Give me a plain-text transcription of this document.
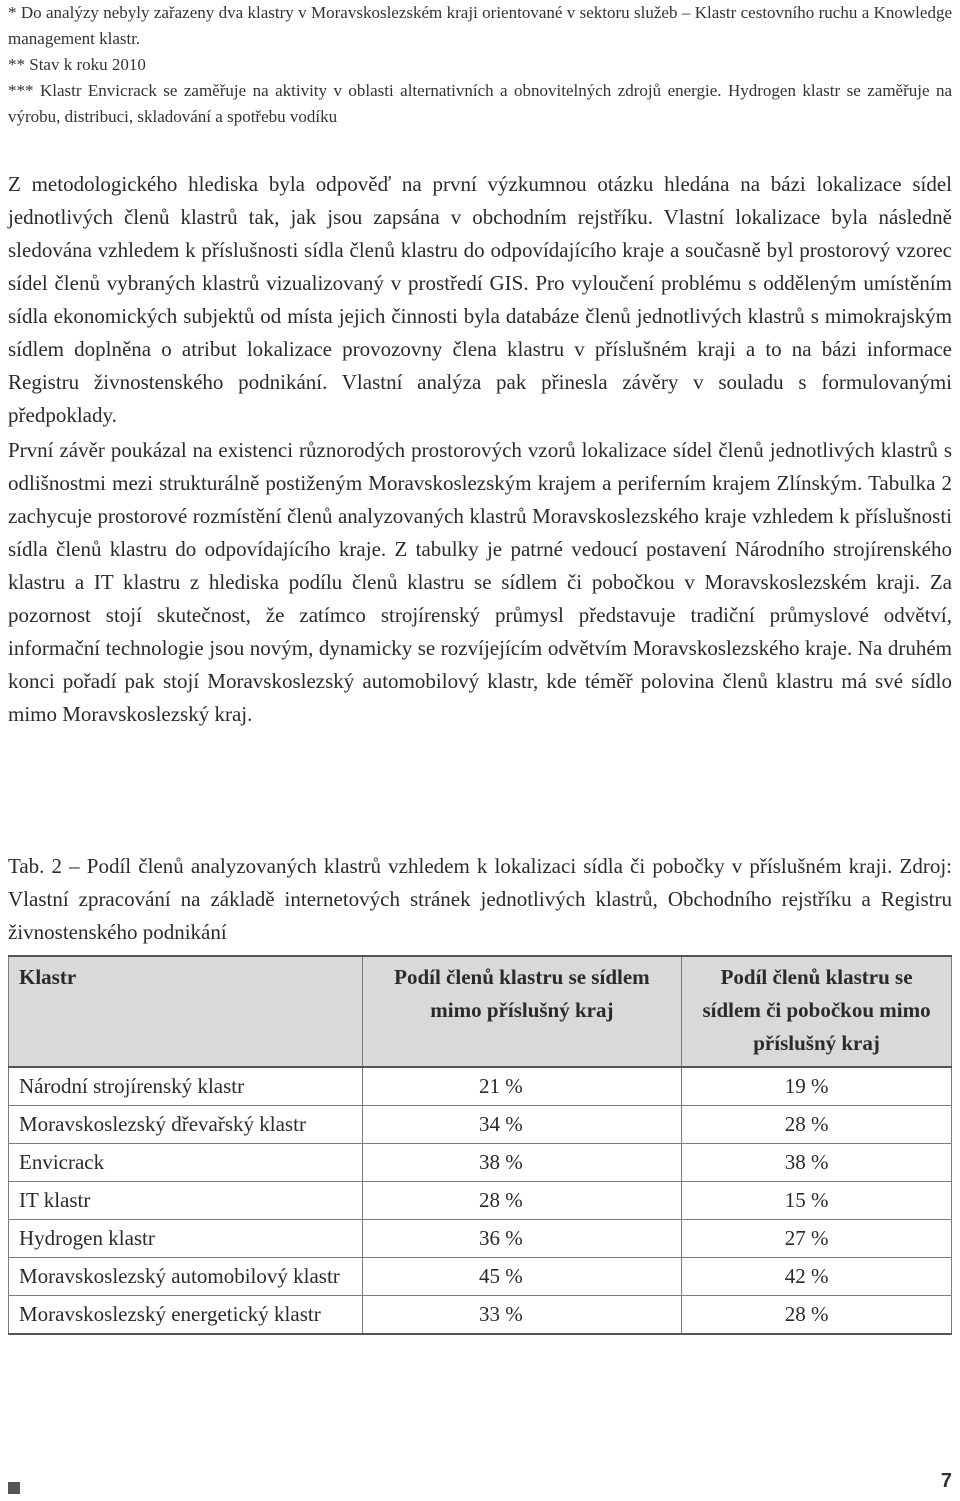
* Do analýzy nebyly zařazeny dva klastry v Moravskoslezském kraji orientované v sektoru služeb – Klastr cestovního ruchu a Knowledge management klastr.

** Stav k roku 2010

*** Klastr Envicrack se zaměřuje na aktivity v oblasti alternativních a obnovitelných zdrojů energie. Hydrogen klastr se zaměřuje na výrobu, distribuci, skladování a spotřebu vodíku

Z metodologického hlediska byla odpověď na první výzkumnou otázku hledána na bázi lokalizace sídel jednotlivých členů klastrů tak, jak jsou zapsána v obchodním rejstříku. Vlastní lokalizace byla následně sledována vzhledem k příslušnosti sídla členů klastru do odpovídajícího kraje a současně byl prostorový vzorec sídel členů vybraných klastrů vizualizovaný v prostředí GIS. Pro vyloučení problému s odděleným umístěním sídla ekonomických subjektů od místa jejich činnosti byla databáze členů jednotlivých klastrů s mimokrajským sídlem doplněna o atribut lokalizace provozovny člena klastru v příslušném kraji a to na bázi informace Registru živnostenského podnikání. Vlastní analýza pak přinesla závěry v souladu s formulovanými předpoklady.

První závěr poukázal na existenci různorodých prostorových vzorů lokalizace sídel členů jednotlivých klastrů s odlišnostmi mezi strukturálně postiženým Moravskoslezským krajem a periferním krajem Zlínským. Tabulka 2 zachycuje prostorové rozmístění členů analyzovaných klastrů Moravskoslezského kraje vzhledem k příslušnosti sídla členů klastru do odpovídajícího kraje. Z tabulky je patrné vedoucí postavení Národního strojírenského klastru a IT klastru z hlediska podílu členů klastru se sídlem či pobočkou v Moravskoslezském kraji. Za pozornost stojí skutečnost, že zatímco strojírenský průmysl představuje tradiční průmyslové odvětví, informační technologie jsou novým, dynamicky se rozvíjejícím odvětvím Moravskoslezského kraje. Na druhém konci pořadí pak stojí Moravskoslezský automobilový klastr, kde téměř polovina členů klastru má své sídlo mimo Moravskoslezský kraj.

Tab. 2 – Podíl členů analyzovaných klastrů vzhledem k lokalizaci sídla či pobočky v příslušném kraji. Zdroj: Vlastní zpracování na základě internetových stránek jednotlivých klastrů, Obchodního rejstříku a Registru živnostenského podnikání
Klastr	Podíl členů klastru se sídlem mimo příslušný kraj	Podíl členů klastru se sídlem či pobočkou mimo příslušný kraj
Národní strojírenský klastr	21 %	19 %
Moravskoslezský dřevařský klastr	34 %	28 %
Envicrack	38 %	38 %
IT klastr	28 %	15 %
Hydrogen klastr	36 %	27 %
Moravskoslezský automobilový klastr	45 %	42 %
Moravskoslezský energetický klastr	33 %	28 %
7
